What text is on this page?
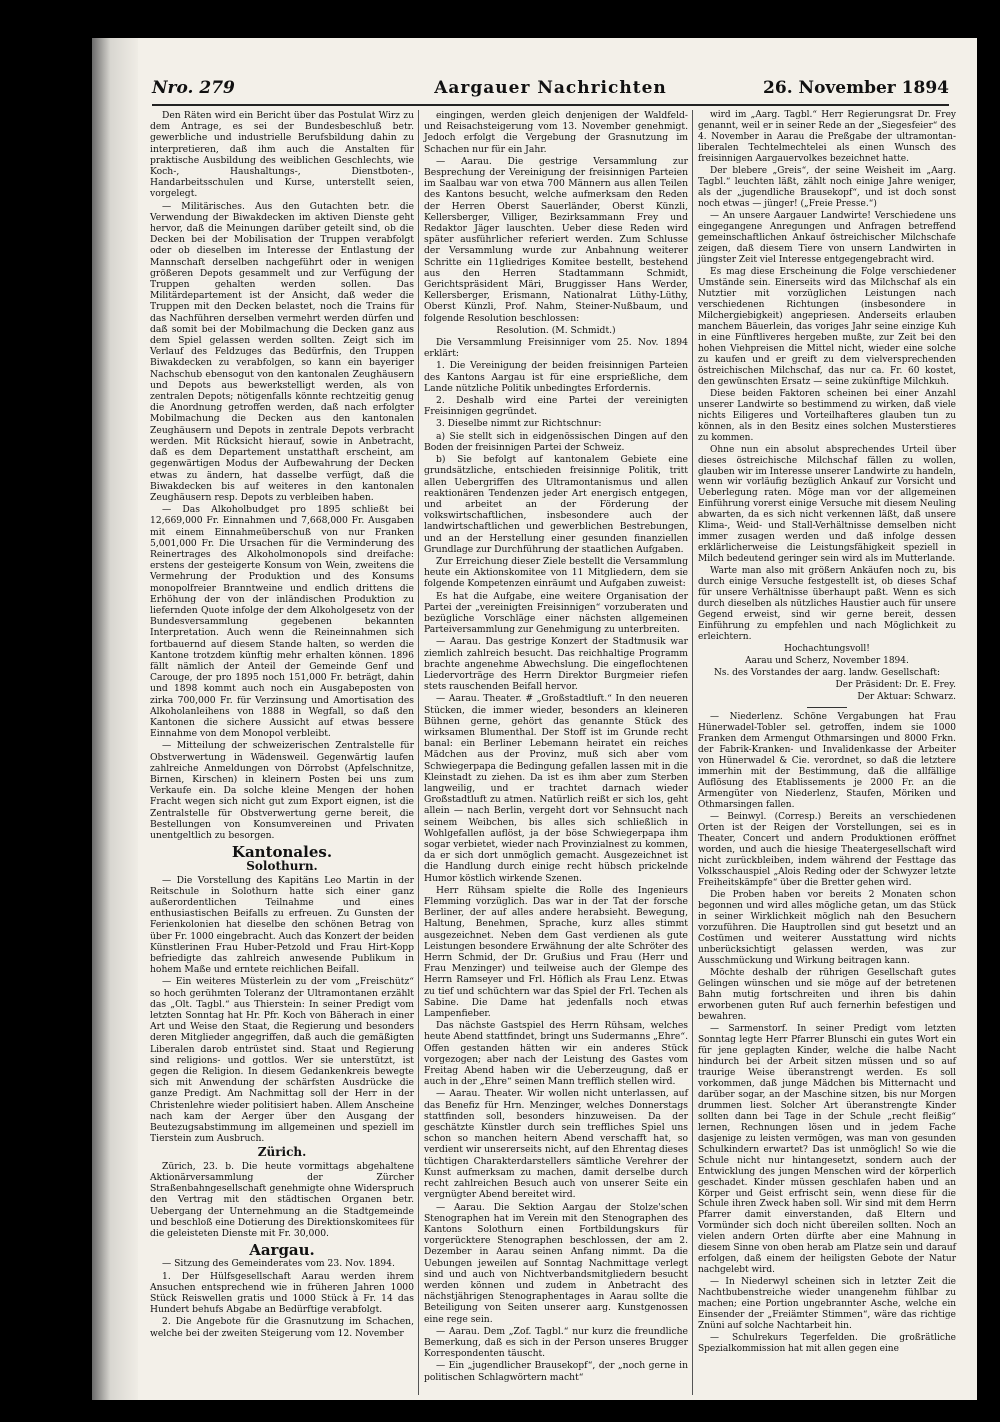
Nro. 279	Aargauer Nachrichten	26. November 1894

Den Räten wird ein Bericht über das Postulat Wirz zu dem Antrage, es sei der Bundesbeschluß betr. gewerbliche und industrielle Berufsbildung dahin zu interpretieren, daß ihm auch die Anstalten für praktische Ausbildung des weiblichen Geschlechts, wie Koch-, Haushaltungs-, Dienstboten-, Handarbeitsschulen und Kurse, unterstellt seien, vorgelegt.

— Militärisches. Aus den Gutachten betr. die Verwendung der Biwakdecken im aktiven Dienste geht hervor, daß die Meinungen darüber geteilt sind, ob die Decken bei der Mobilisation der Truppen verabfolgt oder ob dieselben im Interesse der Entlastung der Mannschaft derselben nachgeführt oder in wenigen größeren Depots gesammelt und zur Verfügung der Truppen gehalten werden sollen. Das Militärdepartement ist der Ansicht, daß weder die Truppen mit den Decken belastet, noch die Trains für das Nachführen derselben vermehrt werden dürfen und daß somit bei der Mobilmachung die Decken ganz aus dem Spiel gelassen werden sollten. Zeigt sich im Verlauf des Feldzuges das Bedürfnis, den Truppen Biwakdecken zu verabfolgen, so kann ein bayeriger Nachschub ebensogut von den kantonalen Zeughäusern und Depots aus bewerkstelligt werden, als von zentralen Depots; nötigenfalls könnte rechtzeitig genug die Anordnung getroffen werden, daß nach erfolgter Mobilmachung die Decken aus den kantonalen Zeughäusern und Depots in zentrale Depots verbracht werden. Mit Rücksicht hierauf, sowie in Anbetracht, daß es dem Departement unstatthaft erscheint, am gegenwärtigen Modus der Aufbewahrung der Decken etwas zu ändern, hat dasselbe verfügt, daß die Biwakdecken bis auf weiteres in den kantonalen Zeughäusern resp. Depots zu verbleiben haben.

— Das Alkoholbudget pro 1895 schließt bei 12,669,000 Fr. Einnahmen und 7,668,000 Fr. Ausgaben mit einem Einnahmeüberschuß von nur Franken 5,001,000 Fr. Die Ursachen für die Verminderung des Reinertrages des Alkoholmonopols sind dreifache: erstens der gesteigerte Konsum von Wein, zweitens die Vermehrung der Produktion und des Konsums monopolfreier Branntweine und endlich drittens die Erhöhung der von der inländischen Produktion zu liefernden Quote infolge der dem Alkoholgesetz von der Bundesversammlung gegebenen bekannten Interpretation. Auch wenn die Reineinnahmen sich fortbauernd auf diesem Stande halten, so werden die Kantone trotzdem künftig mehr erhalten können. 1896 fällt nämlich der Anteil der Gemeinde Genf und Carouge, der pro 1895 noch 151,000 Fr. beträgt, dahin und 1898 kommt auch noch ein Ausgabeposten von zirka 700,000 Fr. für Verzinsung und Amortisation des Alkoholanleihens von 1888 in Wegfall, so daß den Kantonen die sichere Aussicht auf etwas bessere Einnahme von dem Monopol verbleibt.

— Mitteilung der schweizerischen Zentralstelle für Obstverwertung in Wädensweil. Gegenwärtig laufen zahlreiche Anmeldungen von Dörrobst (Apfelschnitze, Birnen, Kirschen) in kleinern Posten bei uns zum Verkaufe ein. Da solche kleine Mengen der hohen Fracht wegen sich nicht gut zum Export eignen, ist die Zentralstelle für Obstverwertung gerne bereit, die Bestellungen von Konsumvereinen und Privaten unentgeltlich zu besorgen.

Kantonales.
Solothurn.

— Die Vorstellung des Kapitäns Leo Martin in der Reitschule in Solothurn hatte sich einer ganz außerordentlichen Teilnahme und eines enthusiastischen Beifalls zu erfreuen. Zu Gunsten der Ferienkolonien hat dieselbe den schönen Betrag von über Fr. 1000 eingebracht. Auch das Konzert der beiden Künstlerinen Frau Huber-Petzold und Frau Hirt-Kopp befriedigte das zahlreich anwesende Publikum in hohem Maße und erntete reichlichen Beifall.

— Ein weiteres Müsterlein zu der vom „Freischütz“ so hoch gerühmten Toleranz der Ultramontanen erzählt das „Olt. Tagbl.“ aus Thierstein: In seiner Predigt vom letzten Sonntag hat Hr. Pfr. Koch von Bäherach in einer Art und Weise den Staat, die Regierung und besonders deren Mitglieder angegriffen, daß auch die gemäßigten Liberalen darob entrüstet sind. Staat und Regierung sind religions- und gottlos. Wer sie unterstützt, ist gegen die Religion. In diesem Gedankenkreis bewegte sich mit Anwendung der schärfsten Ausdrücke die ganze Predigt. Am Nachmittag soll der Herr in der Christenlehre wieder politisiert haben. Allem Anscheine nach kam der Aerger über den Ausgang der Beutezugsabstimmung im allgemeinen und speziell im Tierstein zum Ausbruch.

Zürich.

Zürich, 23. b. Die heute vormittags abgehaltene Aktionärversammlung der Zürcher Straßenbahngesellschaft genehmigte ohne Widerspruch den Vertrag mit den städtischen Organen betr. Uebergang der Unternehmung an die Stadtgemeinde und beschloß eine Dotierung des Direktionskomitees für die geleisteten Dienste mit Fr. 30,000.

Aargau.

— Sitzung des Gemeinderates vom 23. Nov. 1894.

1. Der Hülfsgesellschaft Aarau werden ihrem Ansuchen entsprechend wie in früheren Jahren 1000 Stück Reiswellen gratis und 1000 Stück à Fr. 14 das Hundert behufs Abgabe an Bedürftige verabfolgt.

2. Die Angebote für die Grasnutzung im Schachen, welche bei der zweiten Steigerung vom 12. November

eingingen, werden gleich denjenigen der Waldfeld- und Reisachsteigerung vom 13. November genehmigt. Jedoch erfolgt die Vergebung der Grasnutzung im Schachen nur für ein Jahr.

— Aarau. Die gestrige Versammlung zur Besprechung der Vereinigung der freisinnigen Parteien im Saalbau war von etwa 700 Männern aus allen Teilen des Kantons besucht, welche aufmerksam den Reden der Herren Oberst Sauerländer, Oberst Künzli, Kellersberger, Villiger, Bezirksammann Frey und Redaktor Jäger lauschten. Ueber diese Reden wird später ausführlicher referiert werden. Zum Schlusse der Versammlung wurde zur Anbahnung weiterer Schritte ein 11gliedriges Komitee bestellt, bestehend aus den Herren Stadtammann Schmidt, Gerichtspräsident Märi, Bruggisser Hans Werder, Kellersberger, Erismann, Nationalrat Lüthy-Lüthy, Oberst Künzli, Prof. Nahm, Steiner-Nußbaum, und folgende Resolution beschlossen:

Resolution. (M. Schmidt.)

Die Versammlung Freisinniger vom 25. Nov. 1894 erklärt:

1. Die Vereinigung der beiden freisinnigen Parteien des Kantons Aargau ist für eine ersprießliche, dem Lande nützliche Politik unbedingtes Erfordernis.

2. Deshalb wird eine Partei der vereinigten Freisinnigen gegründet.

3. Dieselbe nimmt zur Richtschnur:

a) Sie stellt sich in eidgenössischen Dingen auf den Boden der freisinnigen Partei der Schweiz.

b) Sie befolgt auf kantonalem Gebiete eine grundsätzliche, entschieden freisinnige Politik, tritt allen Uebergriffen des Ultramontanismus und allen reaktionären Tendenzen jeder Art energisch entgegen, und arbeitet an der Förderung der volkswirtschaftlichen, insbesondere auch der landwirtschaftlichen und gewerblichen Bestrebungen, und an der Herstellung einer gesunden finanziellen Grundlage zur Durchführung der staatlichen Aufgaben.

Zur Erreichung dieser Ziele bestellt die Versammlung heute ein Aktionskomitee von 11 Mitgliedern, dem sie folgende Kompetenzen einräumt und Aufgaben zuweist:

Es hat die Aufgabe, eine weitere Organisation der Partei der „vereinigten Freisinnigen“ vorzuberaten und bezügliche Vorschläge einer nächsten allgemeinen Parteiversammlung zur Genehmigung zu unterbreiten.

— Aarau. Das gestrige Konzert der Stadtmusik war ziemlich zahlreich besucht. Das reichhaltige Programm brachte angenehme Abwechslung. Die eingeflochtenen Liedervorträge des Herrn Direktor Burgmeier riefen stets rauschenden Beifall hervor.

— Aarau. Theater. # „Großstadtluft.“ In den neueren Stücken, die immer wieder, besonders an kleineren Bühnen gerne, gehört das genannte Stück des wirksamen Blumenthal. Der Stoff ist im Grunde recht banal: ein Berliner Lebemann heiratet ein reiches Mädchen aus der Provinz, muß sich aber vom Schwiegerpapa die Bedingung gefallen lassen mit in die Kleinstadt zu ziehen. Da ist es ihm aber zum Sterben langweilig, und er trachtet darnach wieder Großstadtluft zu atmen. Natürlich reißt er sich los, geht allein — nach Berlin, vergeht dort vor Sehnsucht nach seinem Weibchen, bis alles sich schließlich in Wohlgefallen auflöst, ja der böse Schwiegerpapa ihm sogar verbietet, wieder nach Provinzialnest zu kommen, da er sich dort unmöglich gemacht. Ausgezeichnet ist die Handlung durch einige recht hübsch prickelnde Humor köstlich wirkende Szenen.

Herr Rühsam spielte die Rolle des Ingenieurs Flemming vorzüglich. Das war in der Tat der forsche Berliner, der auf alles andere herabsieht. Bewegung, Haltung, Benehmen, Sprache, kurz alles stimmt ausgezeichnet. Neben dem Gast verdienen als gute Leistungen besondere Erwähnung der alte Schröter des Herrn Schmid, der Dr. Grußius und Frau (Herr und Frau Menzinger) und teilweise auch der Glempe des Herrn Ramseyer und Frl. Höflich als Frau Lenz. Etwas zu tief und schüchtern war das Spiel der Frl. Techen als Sabine. Die Dame hat jedenfalls noch etwas Lampenfieber.

Das nächste Gastspiel des Herrn Rühsam, welches heute Abend stattfindet, bringt uns Sudermanns „Ehre“. Offen gestanden hätten wir ein anderes Stück vorgezogen; aber nach der Leistung des Gastes vom Freitag Abend haben wir die Ueberzeugung, daß er auch in der „Ehre“ seinen Mann trefflich stellen wird.

— Aarau. Theater. Wir wollen nicht unterlassen, auf das Benefiz für Hrn. Menzinger, welches Donnerstags stattfinden soll, besonders hinzuweisen. Da der geschätzte Künstler durch sein treffliches Spiel uns schon so manchen heitern Abend verschafft hat, so verdient wir unsererseits nicht, auf den Ehrentag dieses tüchtigen Charakterdarstellers sämtliche Verehrer der Kunst aufmerksam zu machen, damit derselbe durch recht zahlreichen Besuch auch von unserer Seite ein vergnügter Abend bereitet wird.

— Aarau. Die Sektion Aargau der Stolze'schen Stenographen hat im Verein mit den Stenographen des Kantons Solothurn einen Fortbildungskurs für vorgerücktere Stenographen beschlossen, der am 2. Dezember in Aarau seinen Anfang nimmt. Da die Uebungen jeweilen auf Sonntag Nachmittage verlegt sind und auch von Nichtverbandsmitgliedern besucht werden können und zudem in Anbetracht des nächstjährigen Stenographentages in Aarau sollte die Beteiligung von Seiten unserer aarg. Kunstgenossen eine rege sein.

— Aarau. Dem „Zof. Tagbl.“ nur kurz die freundliche Bemerkung, daß es sich in der Person unseres Brugger Korrespondenten täuscht.

— Ein „jugendlicher Brausekopf“, der „noch gerne in politischen Schlagwörtern macht“

wird im „Aarg. Tagbl.“ Herr Regierungsrat Dr. Frey genannt, weil er in seiner Rede an der „Siegesfeier“ des 4. November in Aarau die Preßgabe der ultramontan-liberalen Techtelmechtelei als einen Wunsch des freisinnigen Aargauervolkes bezeichnet hatte.

Der blebere „Greis“, der seine Weisheit im „Aarg. Tagbl.“ leuchten läßt, zählt noch einige Jahre weniger, als der „jugendliche Brausekopf“, und ist doch sonst noch etwas — jünger! („Freie Presse.“)

— An unsere Aargauer Landwirte! Verschiedene uns eingegangene Anregungen und Anfragen betreffend gemeinschaftlichen Ankauf östreichischer Milchschafe zeigen, daß diesem Tiere von unsern Landwirten in jüngster Zeit viel Interesse entgegengebracht wird.

Es mag diese Erscheinung die Folge verschiedener Umstände sein. Einerseits wird das Milchschaf als ein Nutztier mit vorzüglichen Leistungen nach verschiedenen Richtungen (insbesondere in Milchergiebigkeit) angepriesen. Anderseits erlauben manchem Bäuerlein, das voriges Jahr seine einzige Kuh in eine Fünftliveres hergeben mußte, zur Zeit bei den hohen Viehpreisen die Mittel nicht, wieder eine solche zu kaufen und er greift zu dem vielversprechenden östreichischen Milchschaf, das nur ca. Fr. 60 kostet, den gewünschten Ersatz — seine zukünftige Milchkuh.

Diese beiden Faktoren scheinen bei einer Anzahl unserer Landwirte so bestimmend zu wirken, daß viele nichts Eiligeres und Vorteilhafteres glauben tun zu können, als in den Besitz eines solchen Musterstieres zu kommen.

Ohne nun ein absolut absprechendes Urteil über dieses östreichische Milchschaf fällen zu wollen, glauben wir im Interesse unserer Landwirte zu handeln, wenn wir vorläufig bezüglich Ankauf zur Vorsicht und Ueberlegung raten. Möge man vor der allgemeinen Einführung vorerst einige Versuche mit diesem Neuling abwarten, da es sich nicht verkennen läßt, daß unsere Klima-, Weid- und Stall-Verhältnisse demselben nicht immer zusagen werden und daß infolge dessen erklärlicherweise die Leistungsfähigkeit speziell in Milch bedeutend geringer sein wird als im Mutterlande.

Warte man also mit größern Ankäufen noch zu, bis durch einige Versuche festgestellt ist, ob dieses Schaf für unsere Verhältnisse überhaupt paßt. Wenn es sich durch dieselben als nützliches Haustier auch für unsere Gegend erweist, sind wir gerne bereit, dessen Einführung zu empfehlen und nach Möglichkeit zu erleichtern.

Hochachtungsvoll!

Aarau und Scherz, November 1894.

Ns. des Vorstandes der aarg. landw. Gesellschaft:

Der Präsident: Dr. E. Frey.

Der Aktuar: Schwarz.

— Niederlenz. Schöne Vergabungen hat Frau Hünerwadel-Tobler sel. getroffen, indem sie 1000 Franken dem Armengut Othmarsingen und 8000 Frkn. der Fabrik-Kranken- und Invalidenkasse der Arbeiter von Hünerwadel & Cie. verordnet, so daß die letztere immerhin mit der Bestimmung, daß die allfällige Auflösung des Etablissements je 2000 Fr. an die Armengüter von Niederlenz, Staufen, Möriken und Othmarsingen fallen.

— Beinwyl. (Corresp.) Bereits an verschiedenen Orten ist der Reigen der Vorstellungen, sei es in Theater, Concert und andern Produktionen eröffnet worden, und auch die hiesige Theatergesellschaft wird nicht zurückbleiben, indem während der Festtage das Volksschauspiel „Alois Reding oder der Schwyzer letzte Freiheitskämpfe“ über die Bretter gehen wird.

Die Proben haben vor bereits 2 Monaten schon begonnen und wird alles mögliche getan, um das Stück in seiner Wirklichkeit möglich nah den Besuchern vorzuführen. Die Hauptrollen sind gut besetzt und an Costümen und weiterer Ausstattung wird nichts unberücksichtigt gelassen werden, was zur Ausschmückung und Wirkung beitragen kann.

Möchte deshalb der rührigen Gesellschaft gutes Gelingen wünschen und sie möge auf der betretenen Bahn mutig fortschreiten und ihren bis dahin erworbenen guten Ruf auch fernerhin befestigen und bewahren.

— Sarmenstorf. In seiner Predigt vom letzten Sonntag legte Herr Pfarrer Blunschi ein gutes Wort ein für jene geplagten Kinder, welche die halbe Nacht hindurch bei der Arbeit sitzen müssen und so auf traurige Weise überanstrengt werden. Es soll vorkommen, daß junge Mädchen bis Mitternacht und darüber sogar, an der Maschine sitzen, bis nur Morgen drummen liest. Solcher Art überanstrengte Kinder sollten dann bei Tage in der Schule „recht fleißig“ lernen, Rechnungen lösen und in jedem Fache dasjenige zu leisten vermögen, was man von gesunden Schulkindern erwartet? Das ist unmöglich! So wie die Schule nicht nur hintangesetzt, sondern auch der Entwicklung des jungen Menschen wird der körperlich geschadet. Kinder müssen geschlafen haben und an Körper und Geist erfrischt sein, wenn diese für die Schule ihren Zweck haben soll. Wir sind mit dem Herrn Pfarrer damit einverstanden, daß Eltern und Vormünder sich doch nicht übereilen sollten. Noch an vielen andern Orten dürfte aber eine Mahnung in diesem Sinne von oben herab am Platze sein und darauf erfolgen, daß einem der heiligsten Gebote der Natur nachgelebt wird.

— In Niederwyl scheinen sich in letzter Zeit die Nachtbubenstreiche wieder unangenehm fühlbar zu machen; eine Portion ungebrannter Asche, welche ein Einsender der „Freiämter Stimmen“, wäre das richtige Znüni auf solche Nachtarbeit hin.

— Schulrekurs Tegerfelden. Die großrätliche Spezialkommission hat mit allen gegen eine
